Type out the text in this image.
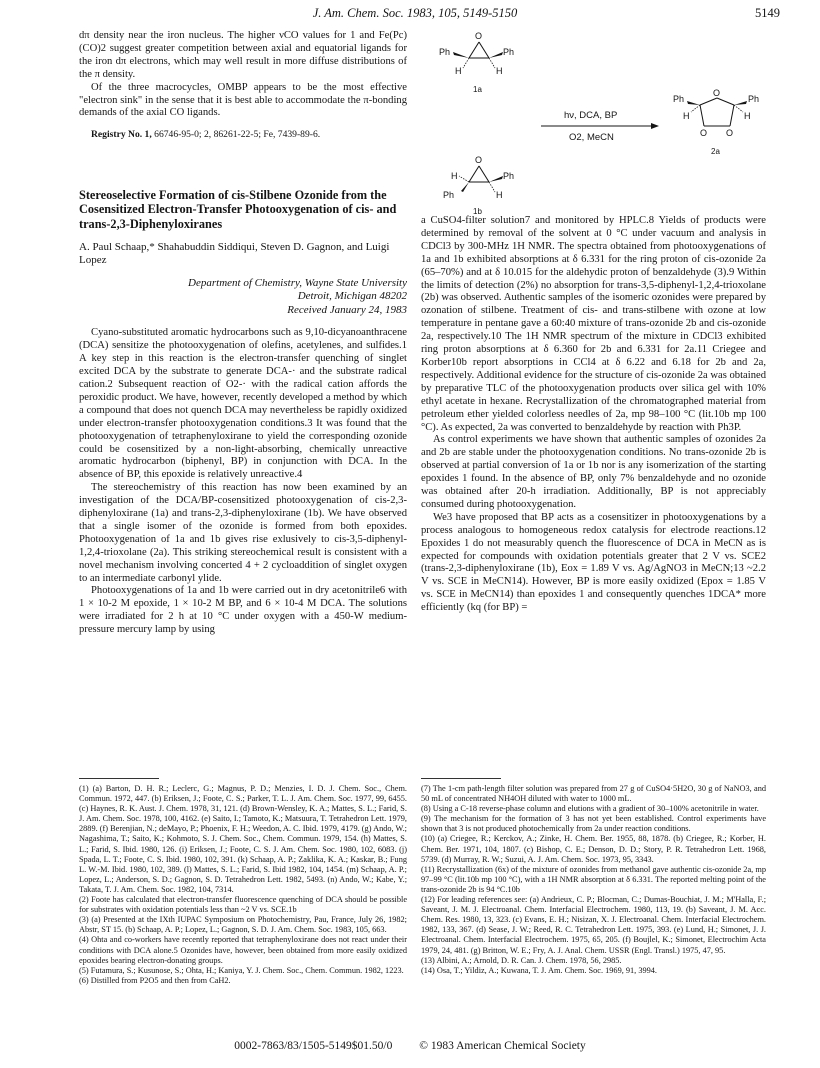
J. Am. Chem. Soc. 1983, 105, 5149-5150	5149

dπ density near the iron nucleus. The higher νCO values for 1 and Fe(Pc)(CO)2 suggest greater competition between axial and equatorial ligands for the iron dπ electrons, which may well result in more diffuse distributions of the π density.

Of the three macrocycles, OMBP appears to be the most effective "electron sink" in the sense that it is best able to accommodate the π-bonding demands of the axial CO ligands.

Registry No. 1, 66746-95-0; 2, 86261-22-5; Fe, 7439-89-6.

Stereoselective Formation of cis-Stilbene Ozonide from the Cosensitized Electron-Transfer Photooxygenation of cis- and trans-2,3-Diphenyloxiranes

A. Paul Schaap,* Shahabuddin Siddiqui, Steven D. Gagnon, and Luigi Lopez

Department of Chemistry, Wayne State University
Detroit, Michigan 48202
Received January 24, 1983

Cyano-substituted aromatic hydrocarbons such as 9,10-dicyanoanthracene (DCA) sensitize the photooxygenation of olefins, acetylenes, and sulfides.1 A key step in this reaction is the electron-transfer quenching of singlet excited DCA by the substrate to generate DCA-· and the substrate radical cation.2 Subsequent reaction of O2-· with the radical cation affords the peroxidic product. We have, however, recently developed a method by which a compound that does not quench DCA may nevertheless be rapidly oxidized under electron-transfer photooxygenation conditions.3 It was found that the photooxygenation of tetraphenyloxirane to yield the corresponding ozonide could be cosensitized by a non-light-absorbing, chemically unreactive aromatic hydrocarbon (biphenyl, BP) in conjunction with DCA. In the absence of BP, this epoxide is relatively unreactive.4

The stereochemistry of this reaction has now been examined by an investigation of the DCA/BP-cosensitized photooxygenation of cis-2,3-diphenyloxirane (1a) and trans-2,3-diphenyloxirane (1b). We have observed that a single isomer of the ozonide is formed from both epoxides. Photooxygenation of 1a and 1b gives rise exlusively to cis-3,5-diphenyl-1,2,4-trioxolane (2a). This striking stereochemical result is consistent with a novel mechanism involving concerted 4 + 2 cycloaddition of singlet oxygen to an intermediate carbonyl ylide.

Photooxygenations of 1a and 1b were carried out in dry acetonitrile6 with 1 × 10-2 M epoxide, 1 × 10-2 M BP, and 6 × 10-4 M DCA. The solutions were irradiated for 2 h at 10 °C under oxygen with a 450-W medium-pressure mercury lamp by using

O
Ph	Ph
H	H
1a
hν, DCA, BP
O2, MeCN
O
O O
Ph	Ph
H	H
2a
O
H	Ph
Ph	H
1b

a CuSO4-filter solution7 and monitored by HPLC.8 Yields of products were determined by removal of the solvent at 0 °C under vacuum and analysis in CDCl3 by 300-MHz 1H NMR. The spectra obtained from photooxygenations of 1a and 1b exhibited absorptions at δ 6.331 for the ring proton of cis-ozonide 2a (65–70%) and at δ 10.015 for the aldehydic proton of benzaldehyde (3).9 Within the limits of detection (2%) no absorption for trans-3,5-diphenyl-1,2,4-trioxolane (2b) was observed. Authentic samples of the isomeric ozonides were prepared by ozonation of stilbene. Treatment of cis- and trans-stilbene with ozone at low temperature in pentane gave a 60:40 mixture of trans-ozonide 2b and cis-ozonide 2a, respectively.10 The 1H NMR spectrum of the mixture in CDCl3 exhibited ring proton absorptions at δ 6.360 for 2b and 6.331 for 2a.11 Criegee and Korber10b report absorptions in CCl4 at δ 6.22 and 6.18 for 2b and 2a, respectively. Additional evidence for the structure of cis-ozonide 2a was obtained by preparative TLC of the photooxygenation products over silica gel with 10% ethyl acetate in hexane. Recrystallization of the chromatographed material from petroleum ether yielded colorless needles of 2a, mp 98–100 °C (lit.10b mp 100 °C). As expected, 2a was converted to benzaldehyde by reaction with Ph3P.

As control experiments we have shown that authentic samples of ozonides 2a and 2b are stable under the photooxygenation conditions. No trans-ozonide 2b is observed at partial conversion of 1a or 1b nor is any isomerization of the starting epoxides 1 found. In the absence of BP, only 7% benzaldehyde and no ozonide was obtained after 20-h irradiation. Additionally, BP is not appreciably consumed during photooxygenation.

We3 have proposed that BP acts as a cosensitizer in photooxygenations by a process analogous to homogeneous redox catalysis for electrode reactions.12 Epoxides 1 do not measurably quench the fluorescence of DCA in MeCN as is expected for compounds with oxidation potentials greater that 2 V vs. SCE2 (trans-2,3-diphenyloxirane (1b), Eox = 1.89 V vs. Ag/AgNO3 in MeCN;13 ~2.2 V vs. SCE in MeCN14). However, BP is more easily oxidized (Epox = 1.85 V vs. SCE in MeCN14) than epoxides 1 and consequently quenches 1DCA* more efficiently (kq (for BP) =

(1) (a) Barton, D. H. R.; Leclerc, G.; Magnus, P. D.; Menzies, I. D. J. Chem. Soc., Chem. Commun. 1972, 447. (b) Eriksen, J.; Foote, C. S.; Parker, T. L. J. Am. Chem. Soc. 1977, 99, 6455. (c) Haynes, R. K. Aust. J. Chem. 1978, 31, 121. (d) Brown-Wensley, K. A.; Mattes, S. L.; Farid, S. J. Am. Chem. Soc. 1978, 100, 4162. (e) Saito, I.; Tamoto, K.; Matsuura, T. Tetrahedron Lett. 1979, 2889. (f) Berenjian, N.; deMayo, P.; Phoenix, F. H.; Weedon, A. C. Ibid. 1979, 4179. (g) Ando, W.; Nagashima, T.; Saito, K.; Kohmoto, S. J. Chem. Soc., Chem. Commun. 1979, 154. (h) Mattes, S. L.; Farid, S. Ibid. 1980, 126. (i) Eriksen, J.; Foote, C. S. J. Am. Chem. Soc. 1980, 102, 6083. (j) Spada, L. T.; Foote, C. S. Ibid. 1980, 102, 391. (k) Schaap, A. P.; Zaklika, K. A.; Kaskar, B.; Fung L. W.-M. Ibid. 1980, 102, 389. (l) Mattes, S. L.; Farid, S. Ibid 1982, 104, 1454. (m) Schaap, A. P.; Lopez, L.; Anderson, S. D.; Gagnon, S. D. Tetrahedron Lett. 1982, 5493. (n) Ando, W.; Kabe, Y.; Takata, T. J. Am. Chem. Soc. 1982, 104, 7314.

(2) Foote has calculated that electron-transfer fluorescence quenching of DCA should be possible for substrates with oxidation potentials less than ~2 V vs. SCE.1b

(3) (a) Presented at the IXth IUPAC Symposium on Photochemistry, Pau, France, July 26, 1982; Abstr, ST 15. (b) Schaap, A. P.; Lopez, L.; Gagnon, S. D. J. Am. Chem. Soc. 1983, 105, 663.

(4) Ohta and co-workers have recently reported that tetraphenyloxirane does not react under their conditions with DCA alone.5 Ozonides have, however, been obtained from more easily oxidized epoxides bearing electron-donating groups.

(5) Futamura, S.; Kusunose, S.; Ohta, H.; Kaniya, Y. J. Chem. Soc., Chem. Commun. 1982, 1223.

(6) Distilled from P2O5 and then from CaH2.

(7) The 1-cm path-length filter solution was prepared from 27 g of CuSO4·5H2O, 30 g of NaNO3, and 50 mL of concentrated NH4OH diluted with water to 1000 mL.

(8) Using a C-18 reverse-phase column and elutions with a gradient of 30–100% acetonitrile in water.

(9) The mechanism for the formation of 3 has not yet been established. Control experiments have shown that 3 is not produced photochemically from 2a under reaction conditions.

(10) (a) Criegee, R.; Kerckov, A.; Zinke, H. Chem. Ber. 1955, 88, 1878. (b) Criegee, R.; Korber, H. Chem. Ber. 1971, 104, 1807. (c) Bishop, C. E.; Denson, D. D.; Story, P. R. Tetrahedron Lett. 1968, 5739. (d) Murray, R. W.; Suzui, A. J. Am. Chem. Soc. 1973, 95, 3343.

(11) Recrystallization (6x) of the mixture of ozonides from methanol gave authentic cis-ozonide 2a, mp 97–99 °C (lit.10b mp 100 °C), with a 1H NMR absorption at δ 6.331. The reported melting point of the trans-ozonide 2b is 94 °C.10b

(12) For leading references see: (a) Andrieux, C. P.; Blocman, C.; Dumas-Bouchiat, J. M.; M'Halla, F.; Saveant, J. M. J. Electroanal. Chem. Interfacial Electrochem. 1980, 113, 19. (b) Saveant, J. M. Acc. Chem. Res. 1980, 13, 323. (c) Evans, E. H.; Nisizan, X. J. Electroanal. Chem. Interfacial Electrochem. 1982, 133, 367. (d) Sease, J. W.; Reed, R. C. Tetrahedron Lett. 1975, 393. (e) Lund, H.; Simonet, J. J. Electroanal. Chem. Interfacial Electrochem. 1975, 65, 205. (f) Boujlel, K.; Simonet, Electrochim Acta 1979, 24, 481. (g) Britton, W. E.; Fry, A. J. Anal. Chem. USSR (Engl. Transl.) 1975, 47, 95.

(13) Albini, A.; Arnold, D. R. Can. J. Chem. 1978, 56, 2985.

(14) Osa, T.; Yildiz, A.; Kuwana, T. J. Am. Chem. Soc. 1969, 91, 3994.

0002-7863/83/1505-5149$01.50/0 © 1983 American Chemical Society
